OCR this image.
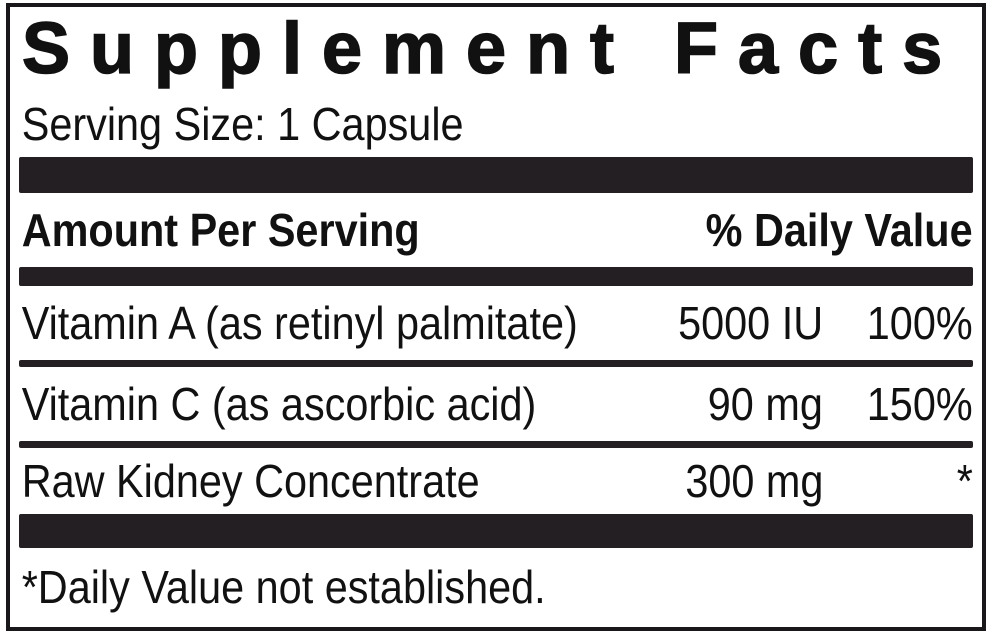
Supplement Facts
Serving Size: 1 Capsule
Amount Per Serving	% Daily Value
Vitamin A (as retinyl palmitate)	5000 IU 100%
Vitamin C (as ascorbic acid)	90 mg 150%
Raw Kidney Concentrate	300 mg	*
*Daily Value not established.
